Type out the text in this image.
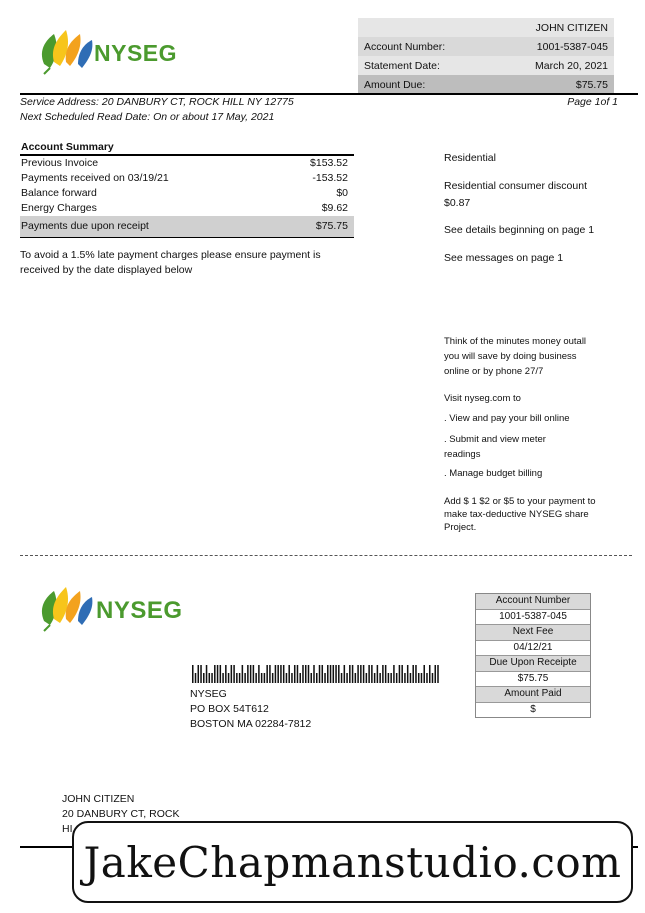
NYSEG
JOHN CITIZEN
Account Number:	1001-5387-045
Statement Date:	March 20, 2021
Amount Due:	$75.75
Service Address: 20 DANBURY CT, ROCK HILL NY 12775
Next Scheduled Read Date: On or about 17 May, 2021
Page 1of 1
Account Summary
Previous Invoice	$153.52
Payments received on 03/19/21	-153.52
Balance forward	$0
Energy Charges	$9.62
Payments due upon receipt	$75.75
To avoid a 1.5% late payment charges please ensure payment is received by the date displayed below
Residential
Residential consumer discount
$0.87
See details beginning on page 1
See messages on page 1
Think of the minutes money outall you will save by doing business online or by phone 27/7
Visit nyseg.com to
. View and pay your bill online
. Submit and view meter readings
. Manage budget billing
Add $ 1 $2 or $5 to your payment to make tax-deductive NYSEG share Project.
NYSEG	Account Number
1001-5387-045
Next Fee
04/12/21
Due Upon Receipte
$75.75
Amount Paid
$
NYSEG
PO BOX 54T612
BOSTON MA 02284-7812
JOHN CITIZEN
20 DANBURY CT, ROCK
HI
JakeChapmanstudio.com
